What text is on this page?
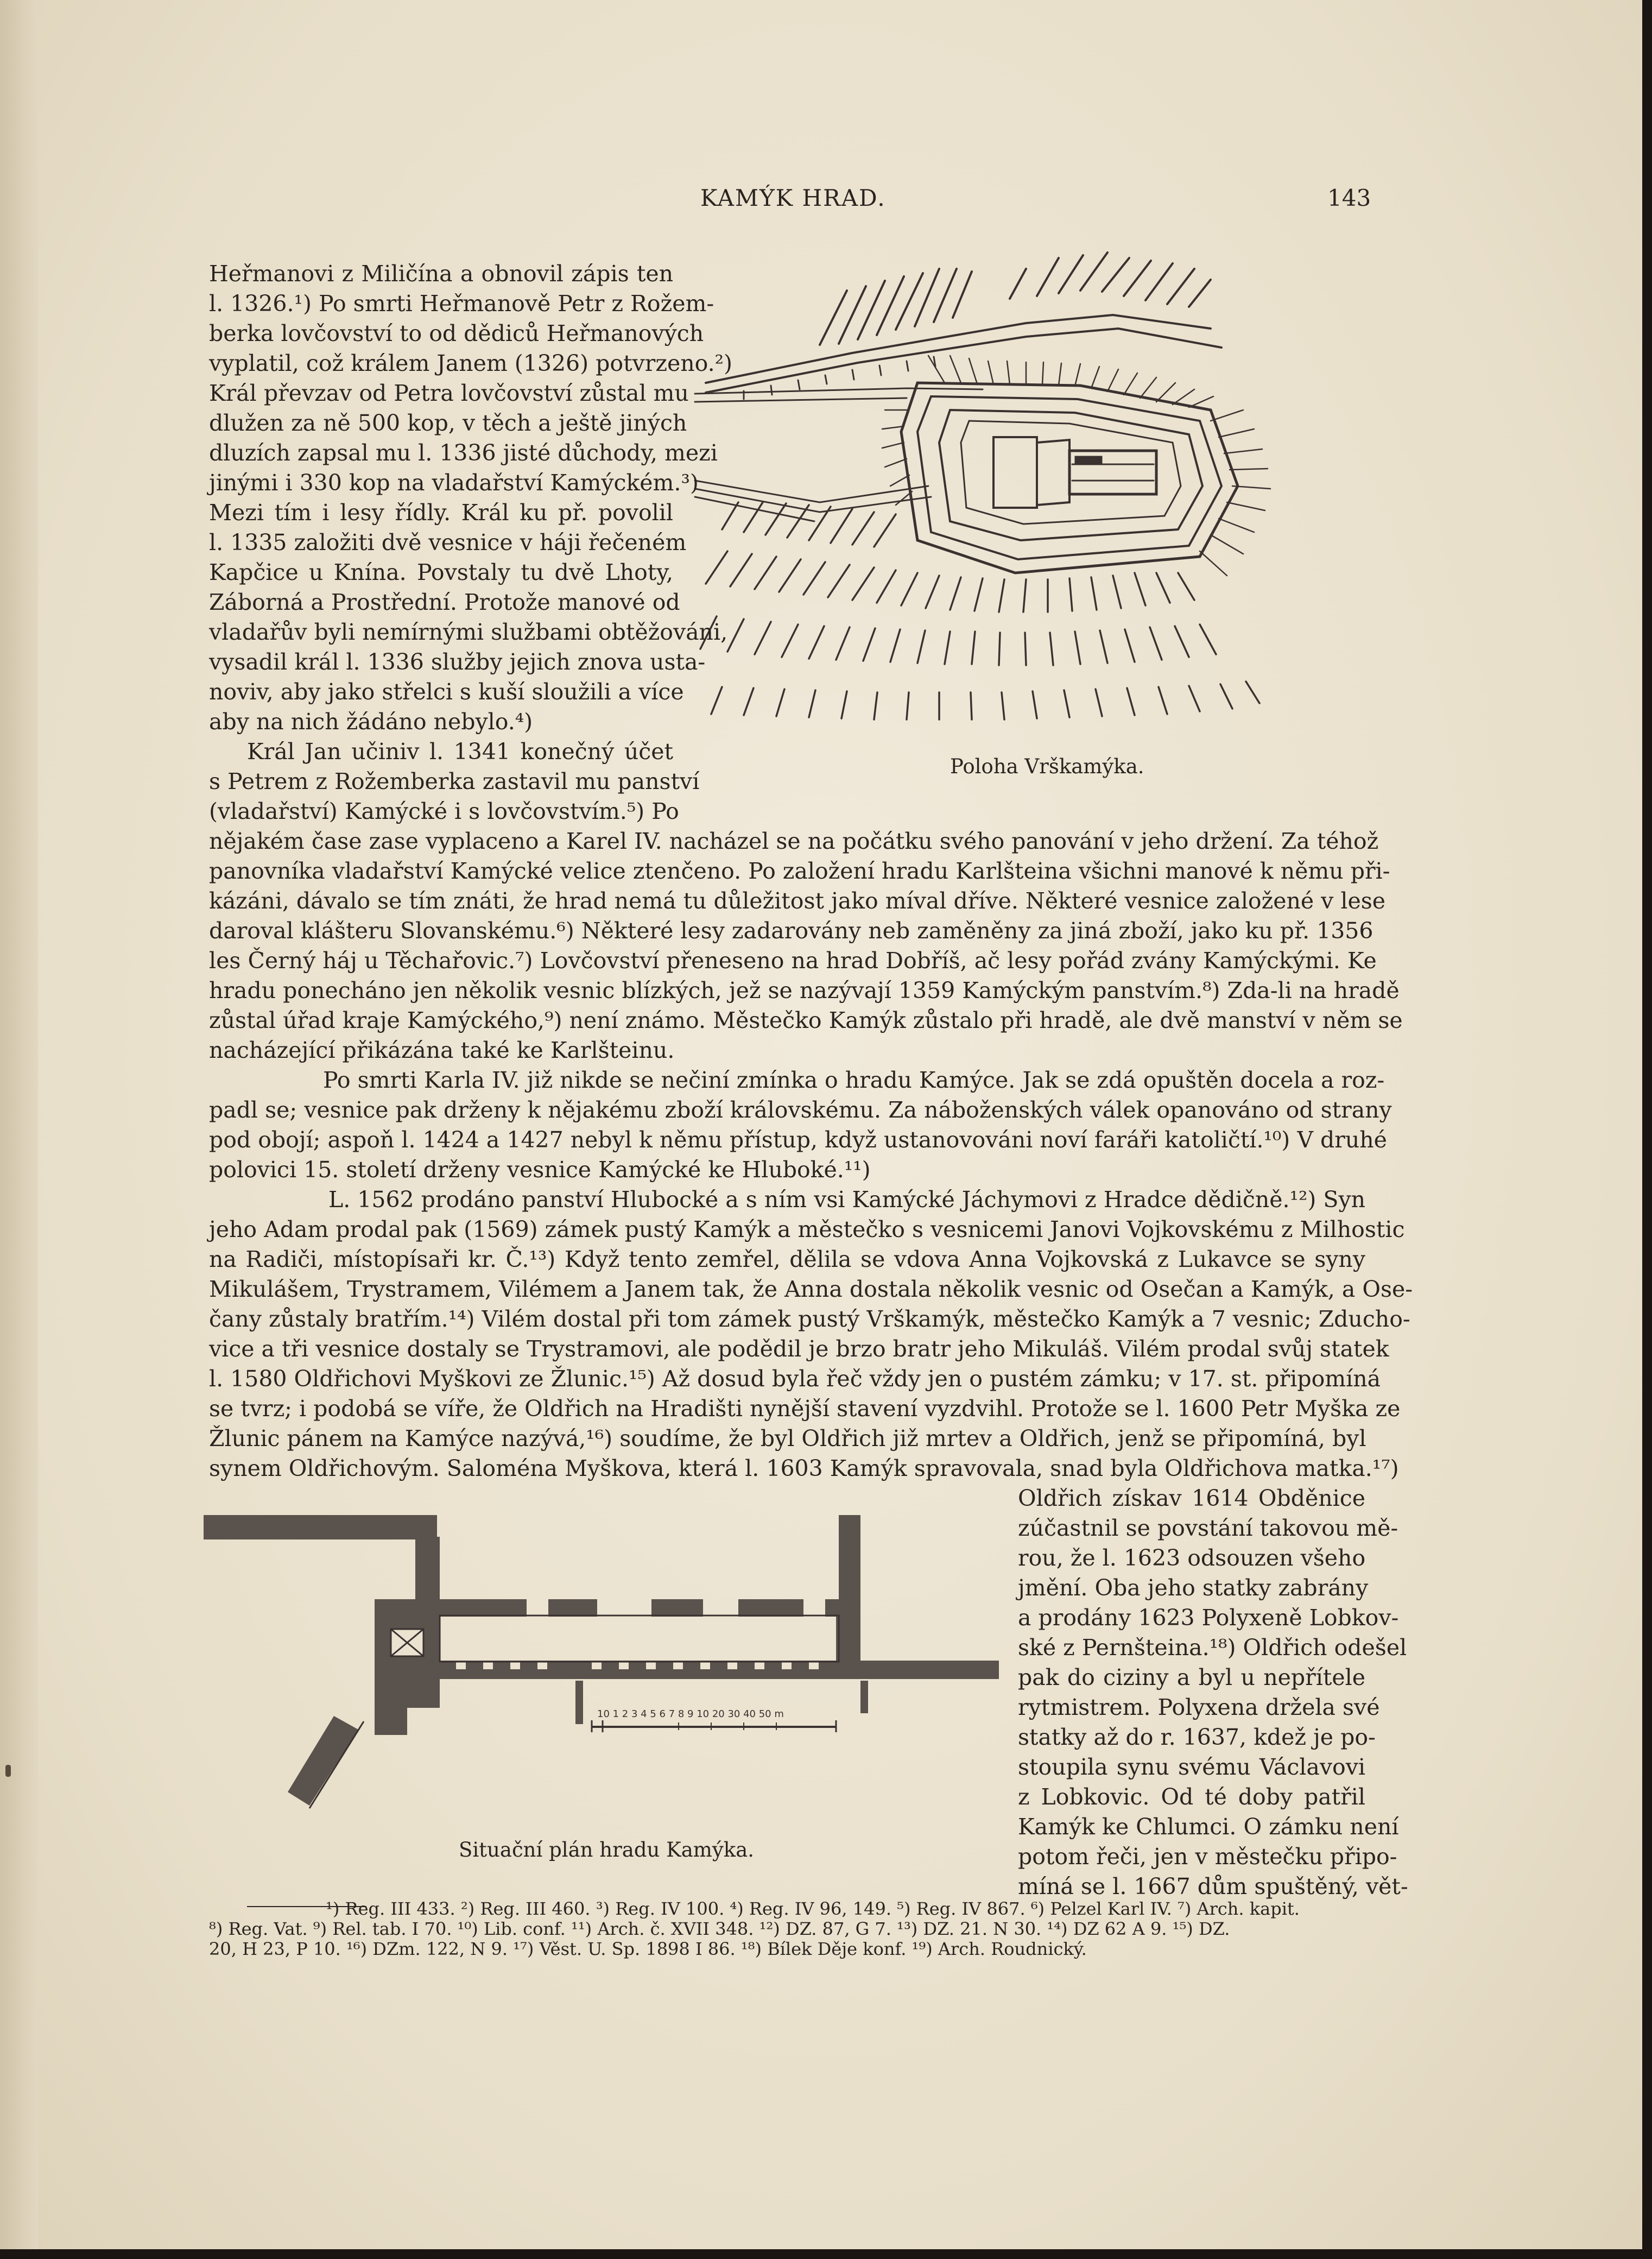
KAMÝK HRAD.	143
Poloha Vrškamýka.
10 1 2 3 4 5 6 7 8 9 10 20 30 40 50 m
Situační plán hradu Kamýka.
Heřmanovi z Miličína a obnovil zápis ten
l. 1326.¹) Po smrti Heřmanově Petr z Rožem-
berka lovčovství to od dědiců Heřmanových
vyplatil, což králem Janem (1326) potvrzeno.²)
Král převzav od Petra lovčovství zůstal mu
dlužen za ně 500 kop, v těch a ještě jiných
dluzích zapsal mu l. 1336 jisté důchody, mezi
jinými i 330 kop na vladařství Kamýckém.³)
Mezi tím i lesy řídly. Král ku př. povolil
l. 1335 založiti dvě vesnice v háji řečeném
Kapčice u Knína. Povstaly tu dvě Lhoty,
Záborná a Prostřední. Protože manové od
vladařův byli nemírnými službami obtěžováni,
vysadil král l. 1336 služby jejich znova usta-
noviv, aby jako střelci s kuší sloužili a více
aby na nich žádáno nebylo.⁴)
Král Jan učiniv l. 1341 konečný účet
s Petrem z Rožemberka zastavil mu panství
(vladařství) Kamýcké i s lovčovstvím.⁵) Po
nějakém čase zase vyplaceno a Karel IV. nacházel se na počátku svého panování v jeho držení. Za téhož
panovníka vladařství Kamýcké velice ztenčeno. Po založení hradu Karlšteina všichni manové k němu při-
kázáni, dávalo se tím znáti, že hrad nemá tu důležitost jako míval dříve. Některé vesnice založené v lese
daroval klášteru Slovanskému.⁶) Některé lesy zadarovány neb zaměněny za jiná zboží, jako ku př. 1356
les Černý háj u Těchařovic.⁷) Lovčovství přeneseno na hrad Dobříš, ač lesy pořád zvány Kamýckými. Ke
hradu ponecháno jen několik vesnic blízkých, jež se nazývají 1359 Kamýckým panstvím.⁸) Zda-li na hradě
zůstal úřad kraje Kamýckého,⁹) není známo. Městečko Kamýk zůstalo při hradě, ale dvě manství v něm se
nacházející přikázána také ke Karlšteinu.
Po smrti Karla IV. již nikde se nečiní zmínka o hradu Kamýce. Jak se zdá opuštěn docela a roz-
padl se; vesnice pak drženy k nějakému zboží královskému. Za náboženských válek opanováno od strany
pod obojí; aspoň l. 1424 a 1427 nebyl k němu přístup, když ustanovováni noví faráři katoličtí.¹⁰) V druhé
polovici 15. století drženy vesnice Kamýcké ke Hluboké.¹¹)
L. 1562 prodáno panství Hlubocké a s ním vsi Kamýcké Jáchymovi z Hradce dědičně.¹²) Syn
jeho Adam prodal pak (1569) zámek pustý Kamýk a městečko s vesnicemi Janovi Vojkovskému z Milhostic
na Radiči, místopísaři kr. Č.¹³) Když tento zemřel, dělila se vdova Anna Vojkovská z Lukavce se syny
Mikulášem, Trystramem, Vilémem a Janem tak, že Anna dostala několik vesnic od Osečan a Kamýk, a Ose-
čany zůstaly bratřím.¹⁴) Vilém dostal při tom zámek pustý Vrškamýk, městečko Kamýk a 7 vesnic; Zduchо-
vice a tři vesnice dostaly se Trystramovi, ale podědil je brzo bratr jeho Mikuláš. Vilém prodal svůj statek
l. 1580 Oldřichovi Myškovi ze Žlunic.¹⁵) Až dosud byla řeč vždy jen o pustém zámku; v 17. st. připomíná
se tvrz; i podobá se víře, že Oldřich na Hradišti nynější stavení vyzdvihl. Protože se l. 1600 Petr Myška ze
Žlunic pánem na Kamýce nazývá,¹⁶) soudíme, že byl Oldřich již mrtev a Oldřich, jenž se připomíná, byl
synem Oldřichovým. Saloména Myškova, která l. 1603 Kamýk spravovala, snad byla Oldřichova matka.¹⁷)
Oldřich získav 1614 Obděnice
zúčastnil se povstání takovou mě-
rou, že l. 1623 odsouzen všeho
jmění. Oba jeho statky zabrány
a prodány 1623 Polyxeně Lobkov-
ské z Pernšteina.¹⁸) Oldřich odešel
pak do ciziny a byl u nepřítele
rytmistrem. Polyxena držela své
statky až do r. 1637, kdež je po-
stoupila synu svému Václavovi
z Lobkovic. Od té doby patřil
Kamýk ke Chlumci. O zámku není
potom řeči, jen v městečku připo-
míná se l. 1667 dům spuštěný, vět-
¹) Reg. III 433. ²) Reg. III 460. ³) Reg. IV 100. ⁴) Reg. IV 96, 149. ⁵) Reg. IV 867. ⁶) Pelzel Karl IV. ⁷) Arch. kapit.
⁸) Reg. Vat. ⁹) Rel. tab. I 70. ¹⁰) Lib. conf. ¹¹) Arch. č. XVII 348. ¹²) DZ. 87, G 7. ¹³) DZ. 21. N 30. ¹⁴) DZ 62 A 9. ¹⁵) DZ.
20, H 23, P 10. ¹⁶) DZm. 122, N 9. ¹⁷) Věst. U. Sp. 1898 I 86. ¹⁸) Bílek Děje konf. ¹⁹) Arch. Roudnický.
